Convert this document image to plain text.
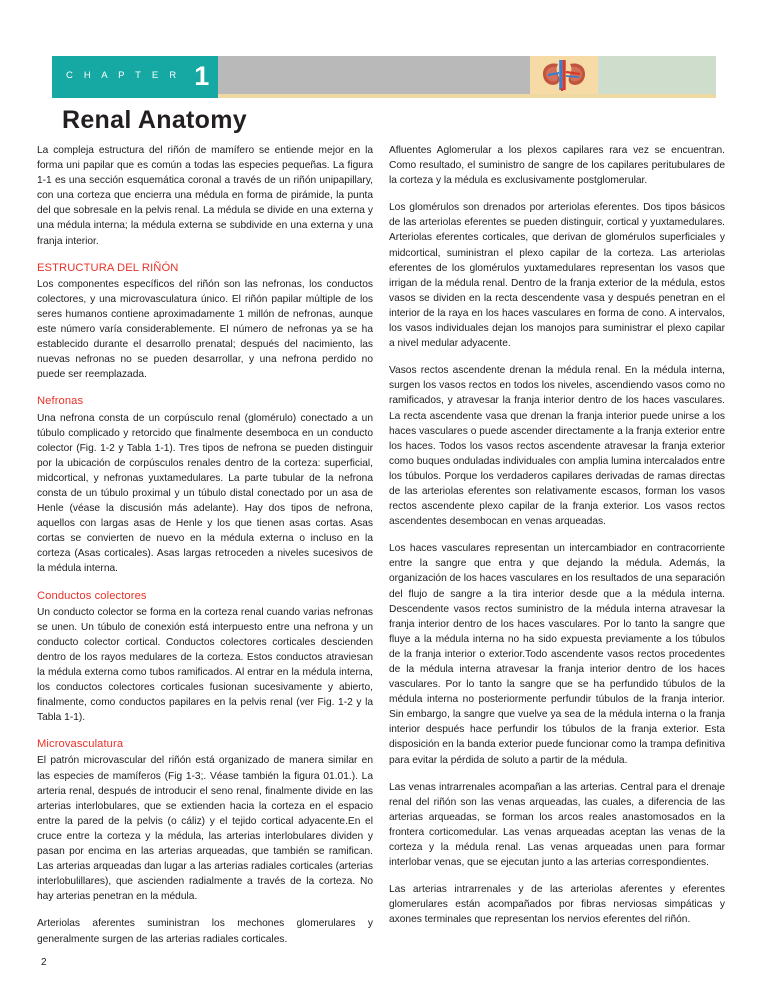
C H A P T E R 1
Renal Anatomy

La compleja estructura del riñón de mamífero se entiende mejor en la forma uni papilar que es común a todas las especies pequeñas. La figura 1-1 es una sección esquemática coronal a través de un riñón unipapillary, con una corteza que encierra una médula en forma de pirámide, la punta del que sobresale en la pelvis renal. La médula se divide en una externa y una médula interna; la médula externa se subdivide en una externa y una franja interior.

ESTRUCTURA DEL RIÑÓN

Los componentes específicos del riñón son las nefronas, los conductos colectores, y una microvasculatura único. El riñón papilar múltiple de los seres humanos contiene aproximadamente 1 millón de nefronas, aunque este número varía considerablemente. El número de nefronas ya se ha establecido durante el desarrollo prenatal; después del nacimiento, las nuevas nefronas no se pueden desarrollar, y una nefrona perdido no puede ser reemplazada.

Nefronas

Una nefrona consta de un corpúsculo renal (glomérulo) conectado a un túbulo complicado y retorcido que finalmente desemboca en un conducto colector (Fig. 1-2 y Tabla 1-1). Tres tipos de nefrona se pueden distinguir por la ubicación de corpúsculos renales dentro de la corteza: superficial, midcortical, y nefronas yuxtamedulares. La parte tubular de la nefrona consta de un túbulo proximal y un túbulo distal conectado por un asa de Henle (véase la discusión más adelante). Hay dos tipos de nefrona, aquellos con largas asas de Henle y los que tienen asas cortas. Asas cortas se convierten de nuevo en la médula externa o incluso en la corteza (Asas corticales). Asas largas retroceden a niveles sucesivos de la médula interna.

Conductos colectores

Un conducto colector se forma en la corteza renal cuando varias nefronas se unen. Un túbulo de conexión está interpuesto entre una nefrona y un conducto colector cortical. Conductos colectores corticales descienden dentro de los rayos medulares de la corteza. Estos conductos atraviesan la médula externa como tubos ramificados. Al entrar en la médula interna, los conductos colectores corticales fusionan sucesivamente y abierto, finalmente, como conductos papilares en la pelvis renal (ver Fig. 1-2 y la Tabla 1-1).

Microvasculatura

El patrón microvascular del riñón está organizado de manera similar en las especies de mamíferos (Fig 1-3;. Véase también la figura 01.01.). La arteria renal, después de introducir el seno renal, finalmente divide en las arterias interlobulares, que se extienden hacia la corteza en el espacio entre la pared de la pelvis (o cáliz) y el tejido cortical adyacente.En el cruce entre la corteza y la médula, las arterias interlobulares dividen y pasan por encima en las arterias arqueadas, que también se ramifican. Las arterias arqueadas dan lugar a las arterias radiales corticales (arterias interlobulillares), que ascienden radialmente a través de la corteza. No hay arterias penetran en la médula.

Arteriolas aferentes suministran los mechones glomerulares y generalmente surgen de las arterias radiales corticales.

Afluentes Aglomerular a los plexos capilares rara vez se encuentran. Como resultado, el suministro de sangre de los capilares peritubulares de la corteza y la médula es exclusivamente postglomerular.

Los glomérulos son drenados por arteriolas eferentes. Dos tipos básicos de las arteriolas eferentes se pueden distinguir, cortical y yuxtamedulares. Arteriolas eferentes corticales, que derivan de glomérulos superficiales y midcortical, suministran el plexo capilar de la corteza. Las arteriolas eferentes de los glomérulos yuxtamedulares representan los vasos que irrigan de la médula renal. Dentro de la franja exterior de la médula, estos vasos se dividen en la recta descendente vasa y después penetran en el interior de la raya en los haces vasculares en forma de cono. A intervalos, los vasos individuales dejan los manojos para suministrar el plexo capilar a nivel medular adyacente.

Vasos rectos ascendente drenan la médula renal. En la médula interna, surgen los vasos rectos en todos los niveles, ascendiendo vasos como no ramificados, y atravesar la franja interior dentro de los haces vasculares. La recta ascendente vasa que drenan la franja interior puede unirse a los haces vasculares o puede ascender directamente a la franja exterior entre los haces. Todos los vasos rectos ascendente atravesar la franja exterior como buques onduladas individuales con amplia lumina intercalados entre los túbulos. Porque los verdaderos capilares derivadas de ramas directas de las arteriolas eferentes son relativamente escasos, forman los vasos rectos ascendente plexo capilar de la franja exterior. Los vasos rectos ascendentes desembocan en venas arqueadas.

Los haces vasculares representan un intercambiador en contracorriente entre la sangre que entra y que dejando la médula. Además, la organización de los haces vasculares en los resultados de una separación del flujo de sangre a la tira interior desde que a la médula interna. Descendente vasos rectos suministro de la médula interna atravesar la franja interior dentro de los haces vasculares. Por lo tanto la sangre que fluye a la médula interna no ha sido expuesta previamente a los túbulos de la franja interior o exterior.Todo ascendente vasos rectos procedentes de la médula interna atravesar la franja interior dentro de los haces vasculares. Por lo tanto la sangre que se ha perfundido túbulos de la médula interna no posteriormente perfundir túbulos de la franja interior. Sin embargo, la sangre que vuelve ya sea de la médula interna o la franja interior después hace perfundir los túbulos de la franja exterior. Esta disposición en la banda exterior puede funcionar como la trampa definitiva para evitar la pérdida de soluto a partir de la médula.

Las venas intrarrenales acompañan a las arterias. Central para el drenaje renal del riñón son las venas arqueadas, las cuales, a diferencia de las arterias arqueadas, se forman los arcos reales anastomosados en la frontera corticomedular. Las venas arqueadas aceptan las venas de la corteza y la médula renal. Las venas arqueadas unen para formar interlobar venas, que se ejecutan junto a las arterias correspondientes.

Las arterias intrarrenales y de las arteriolas aferentes y eferentes glomerulares están acompañados por fibras nerviosas simpáticas y axones terminales que representan los nervios eferentes del riñón.

2
